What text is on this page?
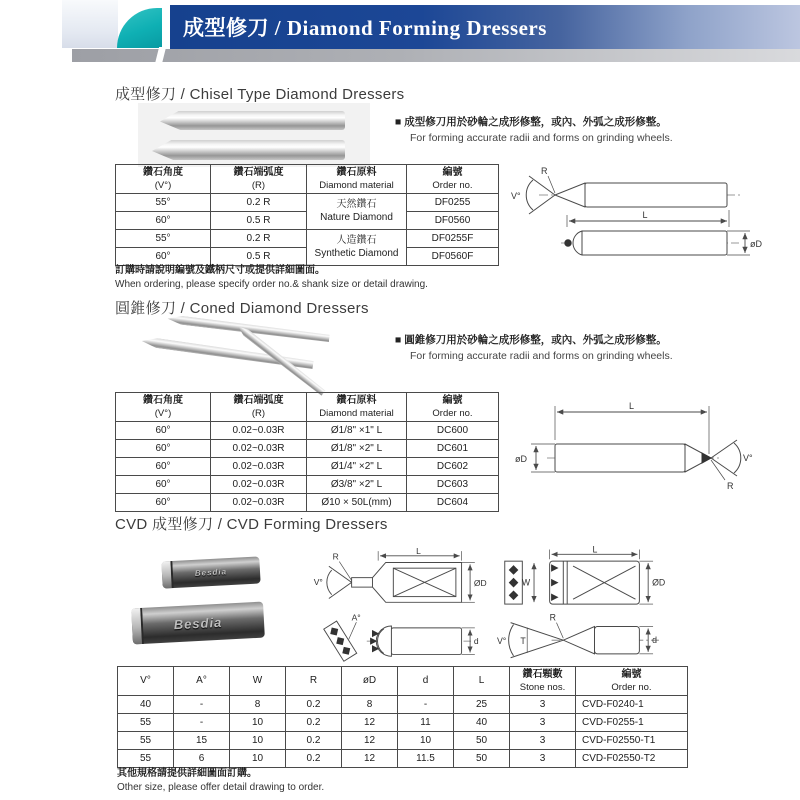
成型修刀 / Diamond Forming Dressers
成型修刀 / Chisel Type Diamond Dressers
■ 成型修刀用於砂輪之成形修整，或內、外弧之成形修整。
For forming accurate radii and forms on grinding wheels.
鑽石角度
(V°)

鑽石端弧度
(R)

鑽石原料
Diamond material

編號
Order no.

55°	0.2 R	天然鑽石
Nature Diamond	DF0255
60°	0.5 R		DF0560
55°	0.2 R	人造鑽石
Synthetic Diamond	DF0255F
60°	0.5 R		DF0560F
V°
R
L
øD
訂購時請說明編號及鐵柄尺寸或提供詳細圖面。
When ordering, please specify order no.& shank size or detail drawing.
圓錐修刀 / Coned Diamond Dressers
■ 圓錐修刀用於砂輪之成形修整，或內、外弧之成形修整。
For forming accurate radii and forms on grinding wheels.
鑽石角度
(V°)

鑽石端弧度
(R)

鑽石原料
Diamond material

編號
Order no.

60°	0.02~0.03R	Ø1/8" ×1" L	DC600
60°	0.02~0.03R	Ø1/8" ×2" L	DC601
60°	0.02~0.03R	Ø1/4" ×2" L	DC602
60°	0.02~0.03R	Ø3/8" ×2" L	DC603
60°	0.02~0.03R	Ø10 × 50L(mm)	DC604
L
øD	V°
R
CVD 成型修刀 / CVD Forming Dressers
Besdia
Besdia
R
V°
L
ØD
A°
d
W
L
ØD
V° T
R
d
V°	A°	W	R	øD	d	L	
鑽石顆數
Stone nos.

編號
Order no.

40	-	8	0.2	8	-	25	3	CVD-F0240-1
55	-	10	0.2	12	11	40	3	CVD-F0255-1
55	15	10	0.2	12	10	50	3	CVD-F02550-T1
55	6	10	0.2	12	11.5	50	3	CVD-F02550-T2
其他規格請提供詳細圖面訂購。
Other size, please offer detail drawing to order.
